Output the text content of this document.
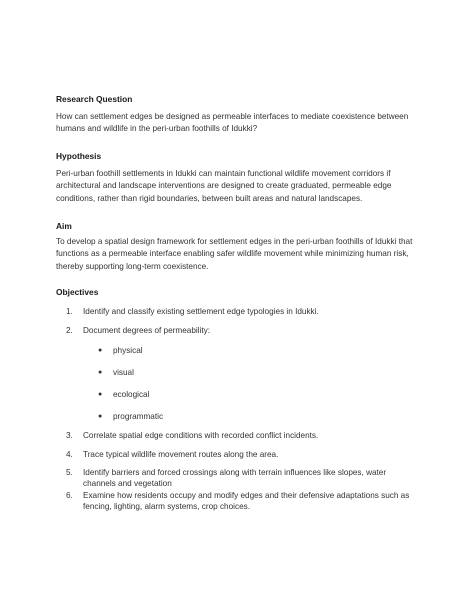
Research Question

How can settlement edges be designed as permeable interfaces to mediate coexistence between humans and wildlife in the peri-urban foothills of Idukki?

Hypothesis

Peri-urban foothill settlements in Idukki can maintain functional wildlife movement corridors if architectural and landscape interventions are designed to create graduated, permeable edge conditions, rather than rigid boundaries, between built areas and natural landscapes.

Aim

To develop a spatial design framework for settlement edges in the peri-urban foothills of Idukki that functions as a permeable interface enabling safer wildlife movement while minimizing human risk, thereby supporting long-term coexistence.

Objectives
1.	Identify and classify existing settlement edge typologies in Idukki.
2.	Document degrees of permeability:
●	physical
●	visual
●	ecological
●	programmatic
3.	Correlate spatial edge conditions with recorded conflict incidents.
4.	Trace typical wildlife movement routes along the area.
5.	Identify barriers and forced crossings along with terrain influences like slopes, water channels and vegetation
6.	Examine how residents occupy and modify edges and their defensive adaptations such as fencing, lighting, alarm systems, crop choices.
